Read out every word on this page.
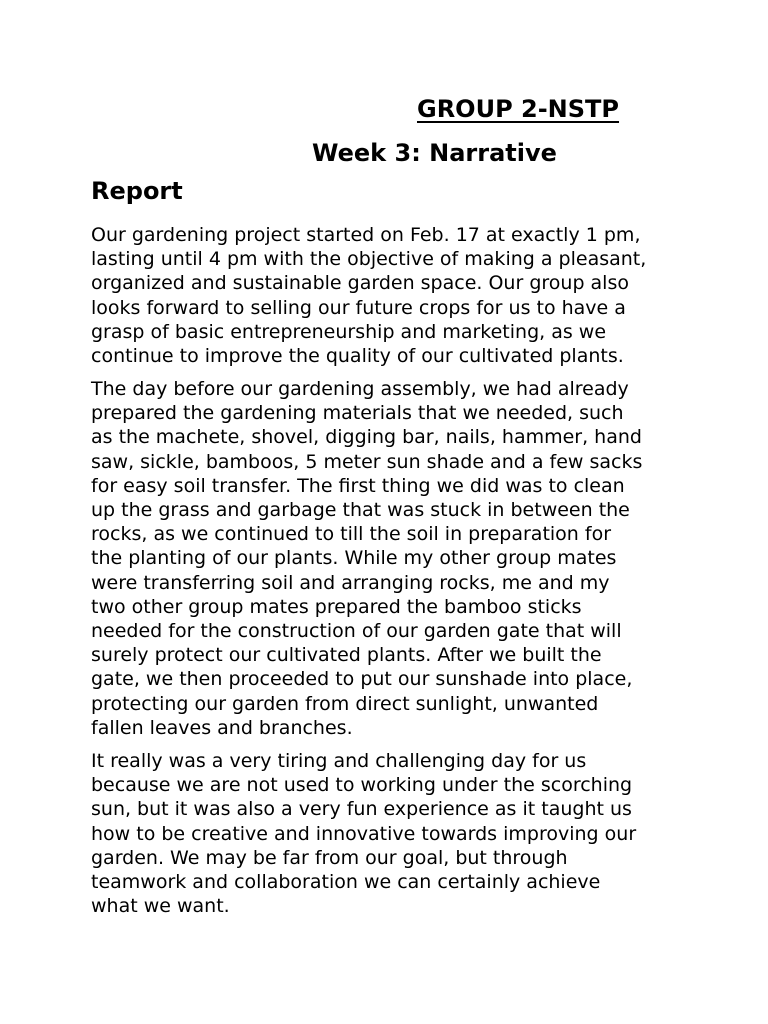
GROUP 2-NSTP
Week 3: Narrative
Report

Our gardening project started on Feb. 17 at exactly 1 pm,
lasting until 4 pm with the objective of making a pleasant,
organized and sustainable garden space. Our group also
looks forward to selling our future crops for us to have a
grasp of basic entrepreneurship and marketing, as we
continue to improve the quality of our cultivated plants.

The day before our gardening assembly, we had already
prepared the gardening materials that we needed, such
as the machete, shovel, digging bar, nails, hammer, hand
saw, sickle, bamboos, 5 meter sun shade and a few sacks
for easy soil transfer. The first thing we did was to clean
up the grass and garbage that was stuck in between the
rocks, as we continued to till the soil in preparation for
the planting of our plants. While my other group mates
were transferring soil and arranging rocks, me and my
two other group mates prepared the bamboo sticks
needed for the construction of our garden gate that will
surely protect our cultivated plants. After we built the
gate, we then proceeded to put our sunshade into place,
protecting our garden from direct sunlight, unwanted
fallen leaves and branches.

It really was a very tiring and challenging day for us
because we are not used to working under the scorching
sun, but it was also a very fun experience as it taught us
how to be creative and innovative towards improving our
garden. We may be far from our goal, but through
teamwork and collaboration we can certainly achieve
what we want.
